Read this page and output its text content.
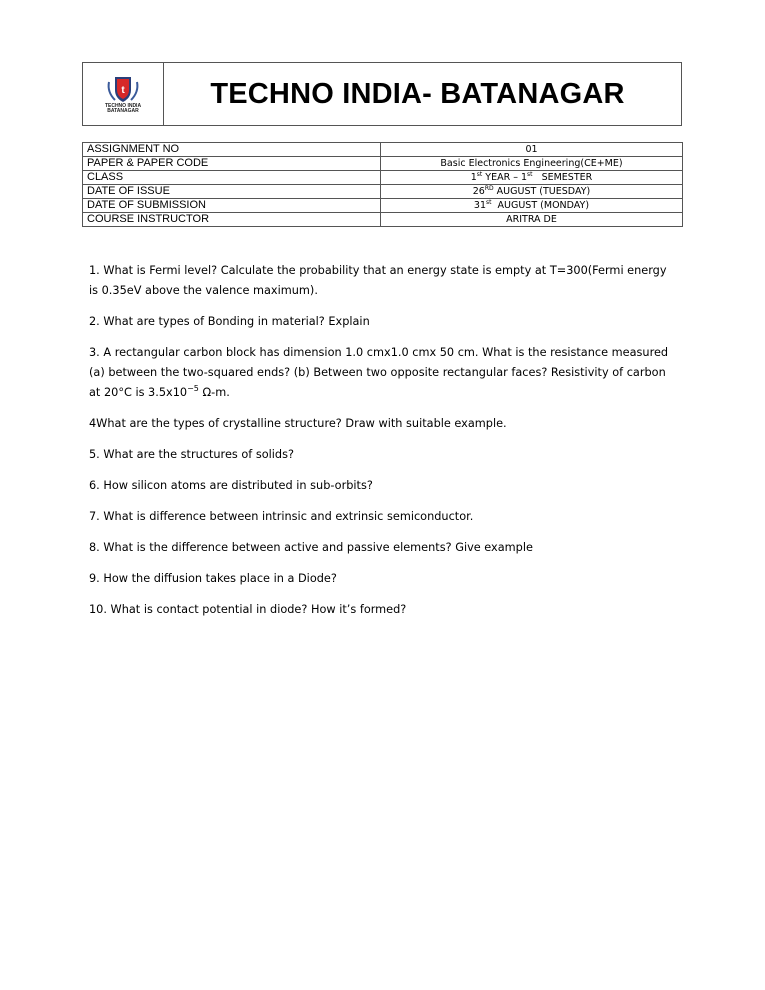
t
TECHNO INDIA
BATANAGAR
TECHNO INDIA- BATANAGAR
ASSIGNMENT NO	01
PAPER & PAPER CODE	Basic Electronics Engineering(CE+ME)
CLASS	1st YEAR – 1st   SEMESTER
DATE OF ISSUE	26RD AUGUST (TUESDAY)
DATE OF SUBMISSION	31st  AUGUST (MONDAY)
COURSE INSTRUCTOR	ARITRA DE

1. What is Fermi level? Calculate the probability that an energy state is empty at T=300(Fermi energy is 0.35eV above the valence maximum).

2. What are types of Bonding in material? Explain

3. A rectangular carbon block has dimension 1.0 cmx1.0 cmx 50 cm. What is the resistance measured (a) between the two-squared ends? (b) Between two opposite rectangular faces? Resistivity of carbon at 20°C is $3.5x10^{-5}$ Ω-m.

4What are the types of crystalline structure? Draw with suitable example.

5. What are the structures of solids?

6. How silicon atoms are distributed in sub-orbits?

7. What is difference between intrinsic and extrinsic semiconductor.

8. What is the difference between active and passive elements? Give example

9. How the diffusion takes place in a Diode?

10. What is contact potential in diode? How it’s formed?
